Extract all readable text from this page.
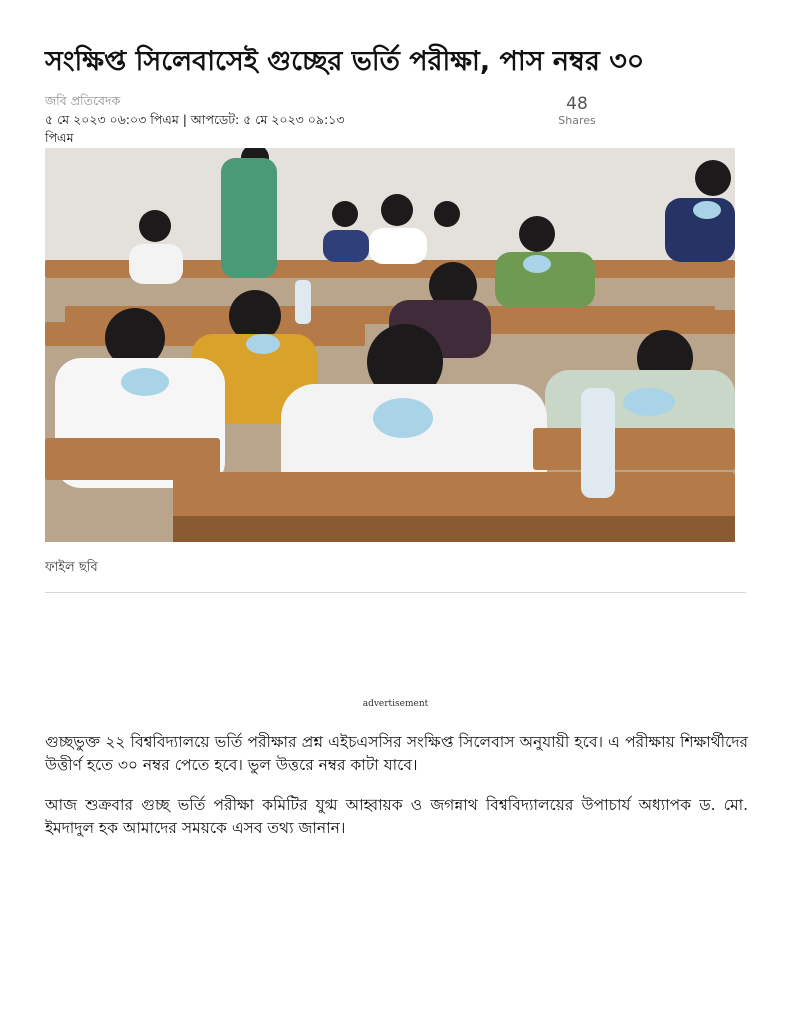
সংক্ষিপ্ত সিলেবাসেই গুচ্ছের ভর্তি পরীক্ষা, পাস নম্বর ৩০
জবি প্রতিবেদক
৫ মে ২০২৩ ০৬:০৩ পিএম | আপডেট: ৫ মে ২০২৩ ০৯:১৩ পিএম
48
Shares
ফাইল ছবি
advertisement

গুচ্ছভুক্ত ২২ বিশ্ববিদ্যালয়ে ভর্তি পরীক্ষার প্রশ্ন এইচএসসির সংক্ষিপ্ত সিলেবাস অনুযায়ী হবে। এ পরীক্ষায় শিক্ষার্থীদের উত্তীর্ণ হতে ৩০ নম্বর পেতে হবে। ভুল উত্তরে নম্বর কাটা যাবে।

আজ শুক্রবার গুচ্ছ ভর্তি পরীক্ষা কমিটির যুগ্ম আহ্বায়ক ও জগন্নাথ বিশ্ববিদ্যালয়ের উপাচার্য অধ্যাপক ড. মো. ইমদাদুল হক আমাদের সময়কে এসব তথ্য জানান।
